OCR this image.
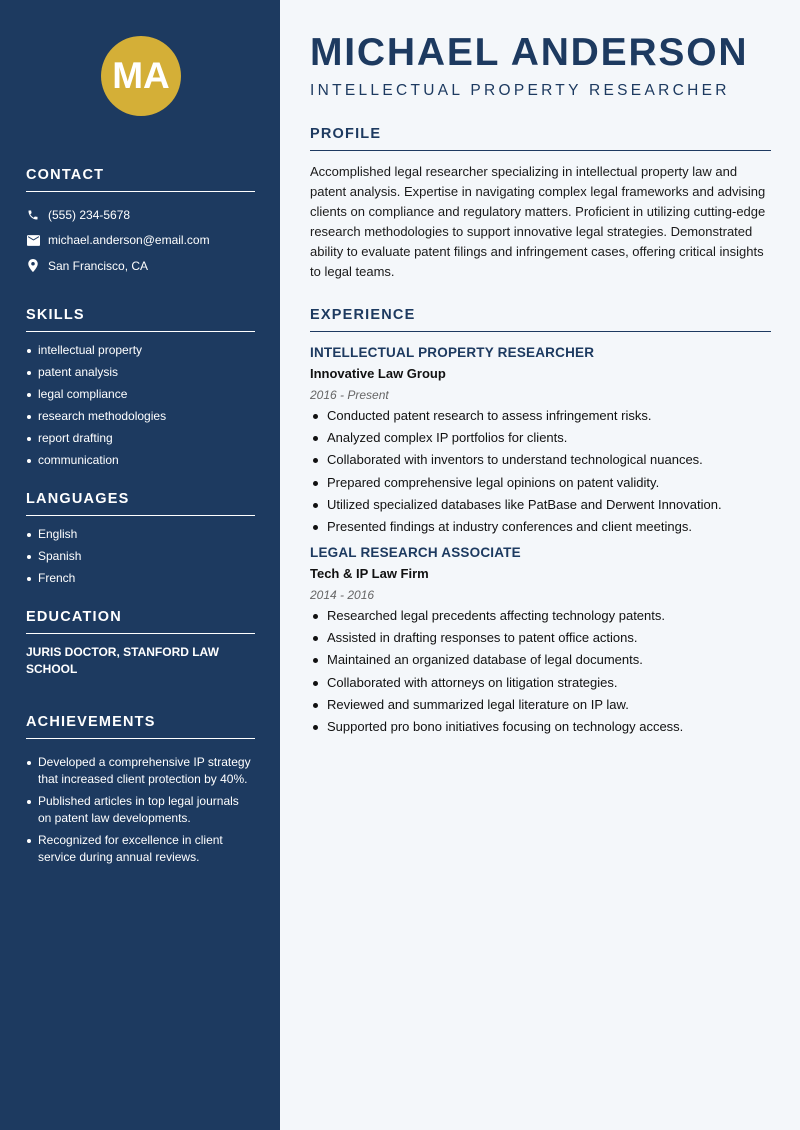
MA
CONTACT
(555) 234-5678
michael.anderson@email.com
San Francisco, CA
SKILLS
intellectual property
patent analysis
legal compliance
research methodologies
report drafting
communication
LANGUAGES
English
Spanish
French
EDUCATION
JURIS DOCTOR, STANFORD LAW SCHOOL
ACHIEVEMENTS
Developed a comprehensive IP strategy that increased client protection by 40%.
Published articles in top legal journals on patent law developments.
Recognized for excellence in client service during annual reviews.
MICHAEL ANDERSON
INTELLECTUAL PROPERTY RESEARCHER
PROFILE

Accomplished legal researcher specializing in intellectual property law and patent analysis. Expertise in navigating complex legal frameworks and advising clients on compliance and regulatory matters. Proficient in utilizing cutting-edge research methodologies to support innovative legal strategies. Demonstrated ability to evaluate patent filings and infringement cases, offering critical insights to legal teams.

EXPERIENCE
INTELLECTUAL PROPERTY RESEARCHER
Innovative Law Group
2016 - Present
Conducted patent research to assess infringement risks.
Analyzed complex IP portfolios for clients.
Collaborated with inventors to understand technological nuances.
Prepared comprehensive legal opinions on patent validity.
Utilized specialized databases like PatBase and Derwent Innovation.
Presented findings at industry conferences and client meetings.
LEGAL RESEARCH ASSOCIATE
Tech & IP Law Firm
2014 - 2016
Researched legal precedents affecting technology patents.
Assisted in drafting responses to patent office actions.
Maintained an organized database of legal documents.
Collaborated with attorneys on litigation strategies.
Reviewed and summarized legal literature on IP law.
Supported pro bono initiatives focusing on technology access.
